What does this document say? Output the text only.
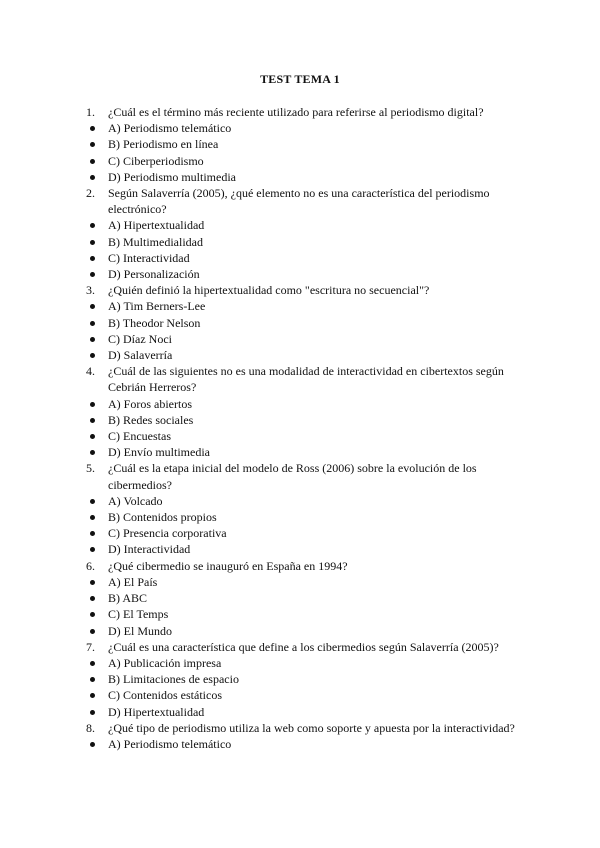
TEST TEMA 1
1.	¿Cuál es el término más reciente utilizado para referirse al periodismo digital?
A) Periodismo telemático
B) Periodismo en línea
C) Ciberperiodismo
D) Periodismo multimedia
2.	Según Salaverría (2005), ¿qué elemento no es una característica del periodismo electrónico?
A) Hipertextualidad
B) Multimedialidad
C) Interactividad
D) Personalización
3.	¿Quién definió la hipertextualidad como "escritura no secuencial"?
A) Tim Berners-Lee
B) Theodor Nelson
C) Díaz Noci
D) Salaverría
4.	¿Cuál de las siguientes no es una modalidad de interactividad en cibertextos según Cebrián Herreros?
A) Foros abiertos
B) Redes sociales
C) Encuestas
D) Envío multimedia
5.	¿Cuál es la etapa inicial del modelo de Ross (2006) sobre la evolución de los cibermedios?
A) Volcado
B) Contenidos propios
C) Presencia corporativa
D) Interactividad
6.	¿Qué cibermedio se inauguró en España en 1994?
A) El País
B) ABC
C) El Temps
D) El Mundo
7.	¿Cuál es una característica que define a los cibermedios según Salaverría (2005)?
A) Publicación impresa
B) Limitaciones de espacio
C) Contenidos estáticos
D) Hipertextualidad
8.	¿Qué tipo de periodismo utiliza la web como soporte y apuesta por la interactividad?
A) Periodismo telemático
